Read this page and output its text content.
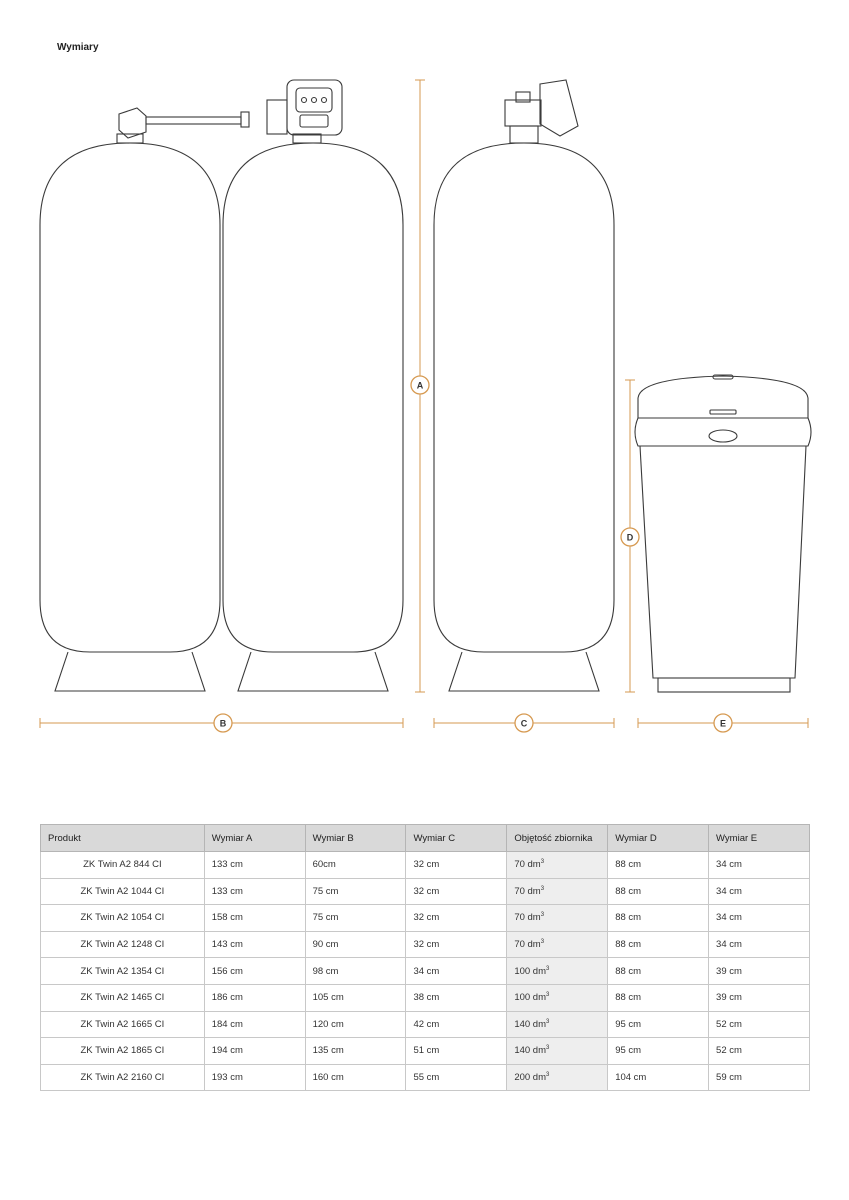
Wymiary
A
D
B	C	E
Produkt	Wymiar A	Wymiar B	Wymiar C	Objętość zbiornika	Wymiar D	Wymiar E
ZK Twin A2 844 CI	133 cm	60cm	32 cm	70 $dm^3$	88 cm	34 cm
ZK Twin A2 1044 CI	133 cm	75 cm	32 cm	70 $dm^3$	88 cm	34 cm
ZK Twin A2 1054 CI	158 cm	75 cm	32 cm	70 $dm^3$	88 cm	34 cm
ZK Twin A2 1248 CI	143 cm	90 cm	32 cm	70 $dm^3$	88 cm	34 cm
ZK Twin A2 1354 CI	156 cm	98 cm	34 cm	100 $dm^3$	88 cm	39 cm
ZK Twin A2 1465 CI	186 cm	105 cm	38 cm	100 $dm^3$	88 cm	39 cm
ZK Twin A2 1665 CI	184 cm	120 cm	42 cm	140 $dm^3$	95 cm	52 cm
ZK Twin A2 1865 CI	194 cm	135 cm	51 cm	140 $dm^3$	95 cm	52 cm
ZK Twin A2 2160 CI	193 cm	160 cm	55 cm	200 $dm^3$	104 cm	59 cm
